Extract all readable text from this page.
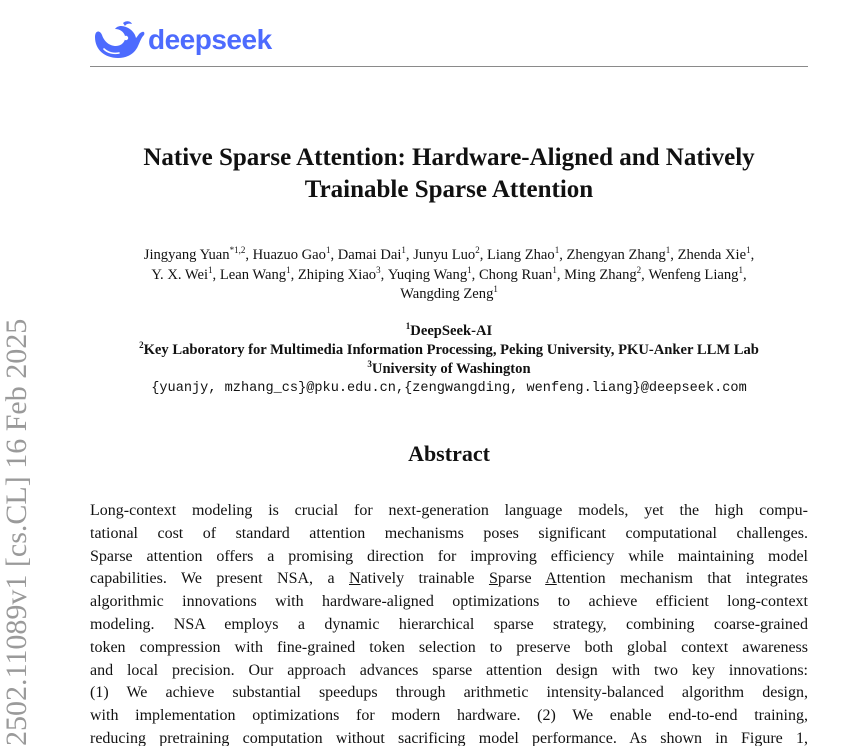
deepseek
2502.11089v1 [cs.CL] 16 Feb 2025
Native Sparse Attention: Hardware-Aligned and Natively
Trainable Sparse Attention
Jingyang Yuan$^{*1,2}$, Huazuo Gao$^1$, Damai Dai$^1$, Junyu Luo$^2$, Liang Zhao$^1$, Zhengyan Zhang$^1$, Zhenda Xie$^1$,
Y. X. Wei$^1$, Lean Wang$^1$, Zhiping Xiao$^3$, Yuqing Wang$^1$, Chong Ruan$^1$, Ming Zhang$^2$, Wenfeng Liang$^1$,
Wangding Zeng$^1$
$^1$DeepSeek-AI
$^2$Key Laboratory for Multimedia Information Processing, Peking University, PKU-Anker LLM Lab
$^3$University of Washington
{yuanjy, mzhang_cs}@pku.edu.cn,{zengwangding, wenfeng.liang}@deepseek.com
Abstract
Long-context modeling is crucial for next-generation language models, yet the high compu-
tational cost of standard attention mechanisms poses significant computational challenges.
Sparse attention offers a promising direction for improving efficiency while maintaining model
capabilities. We present NSA, a Natively trainable Sparse Attention mechanism that integrates
algorithmic innovations with hardware-aligned optimizations to achieve efficient long-context
modeling. NSA employs a dynamic hierarchical sparse strategy, combining coarse-grained
token compression with fine-grained token selection to preserve both global context awareness
and local precision. Our approach advances sparse attention design with two key innovations:
(1) We achieve substantial speedups through arithmetic intensity-balanced algorithm design,
with implementation optimizations for modern hardware. (2) We enable end-to-end training,
reducing pretraining computation without sacrificing model performance. As shown in Figure 1,
